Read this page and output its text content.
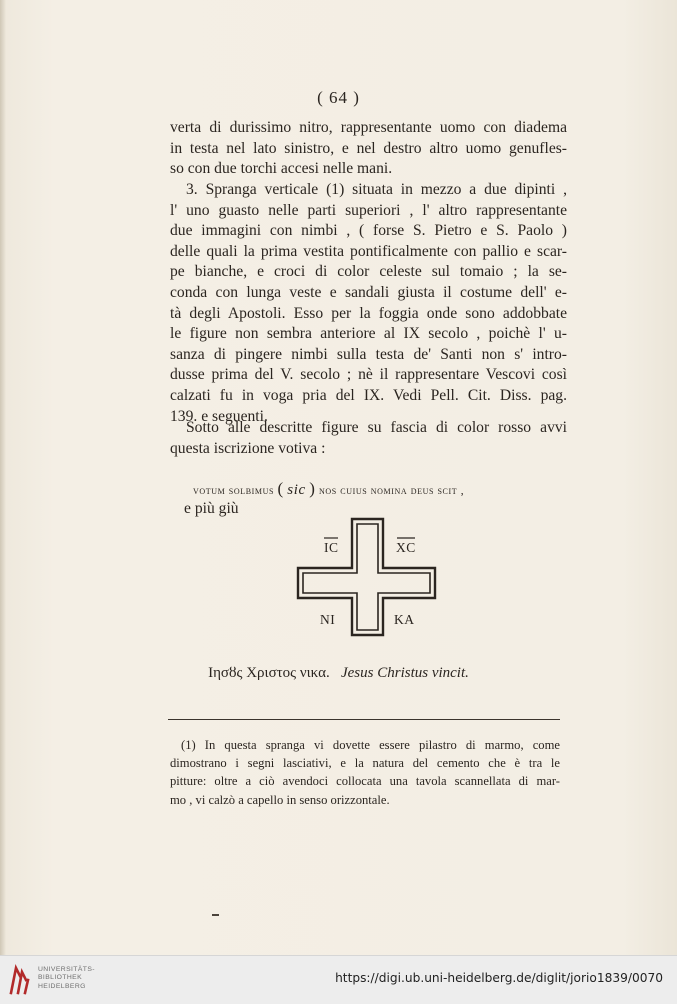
( 64 )
verta di durissimo nitro, rappresentante uomo con diadema
in testa nel lato sinistro, e nel destro altro uomo genufles-
so con due torchi accesi nelle mani.
3. Spranga verticale (1) situata in mezzo a due dipinti ,
l' uno guasto nelle parti superiori , l' altro rappresentante
due immagini con nimbi , ( forse S. Pietro e S. Paolo )
delle quali la prima vestita pontificalmente con pallio e scar-
pe bianche, e croci di color celeste sul tomaio ; la se-
conda con lunga veste e sandali giusta il costume dell' e-
tà degli Apostoli. Esso per la foggia onde sono addobbate
le figure non sembra anteriore al IX secolo , poichè l' u-
sanza di pingere nimbi sulla testa de' Santi non s' intro-
dusse prima del V. secolo ; nè il rappresentare Vescovi così
calzati fu in voga pria del IX. Vedi Pell. Cit. Diss. pag.
139. e seguenti.
Sotto alle descritte figure su fascia di color rosso avvi
questa iscrizione votiva :
votum solbimus ( sic ) nos cuius nomina deus scit ,
e più giù
IC	XC
NI	KA
Ιησȣς Χριστος νικα. Jesus Christus vincit.
(1) In questa spranga vi dovette essere pilastro di marmo, come
dimostrano i segni lasciativi, e la natura del cemento che è tra le
pitture: oltre a ciò avendoci collocata una tavola scannellata di mar-
mo , vi calzò a capello in senso orizzontale.
UNIVERSITÄTS-
BIBLIOTHEK
HEIDELBERG
https://digi.ub.uni-heidelberg.de/diglit/jorio1839/0070
